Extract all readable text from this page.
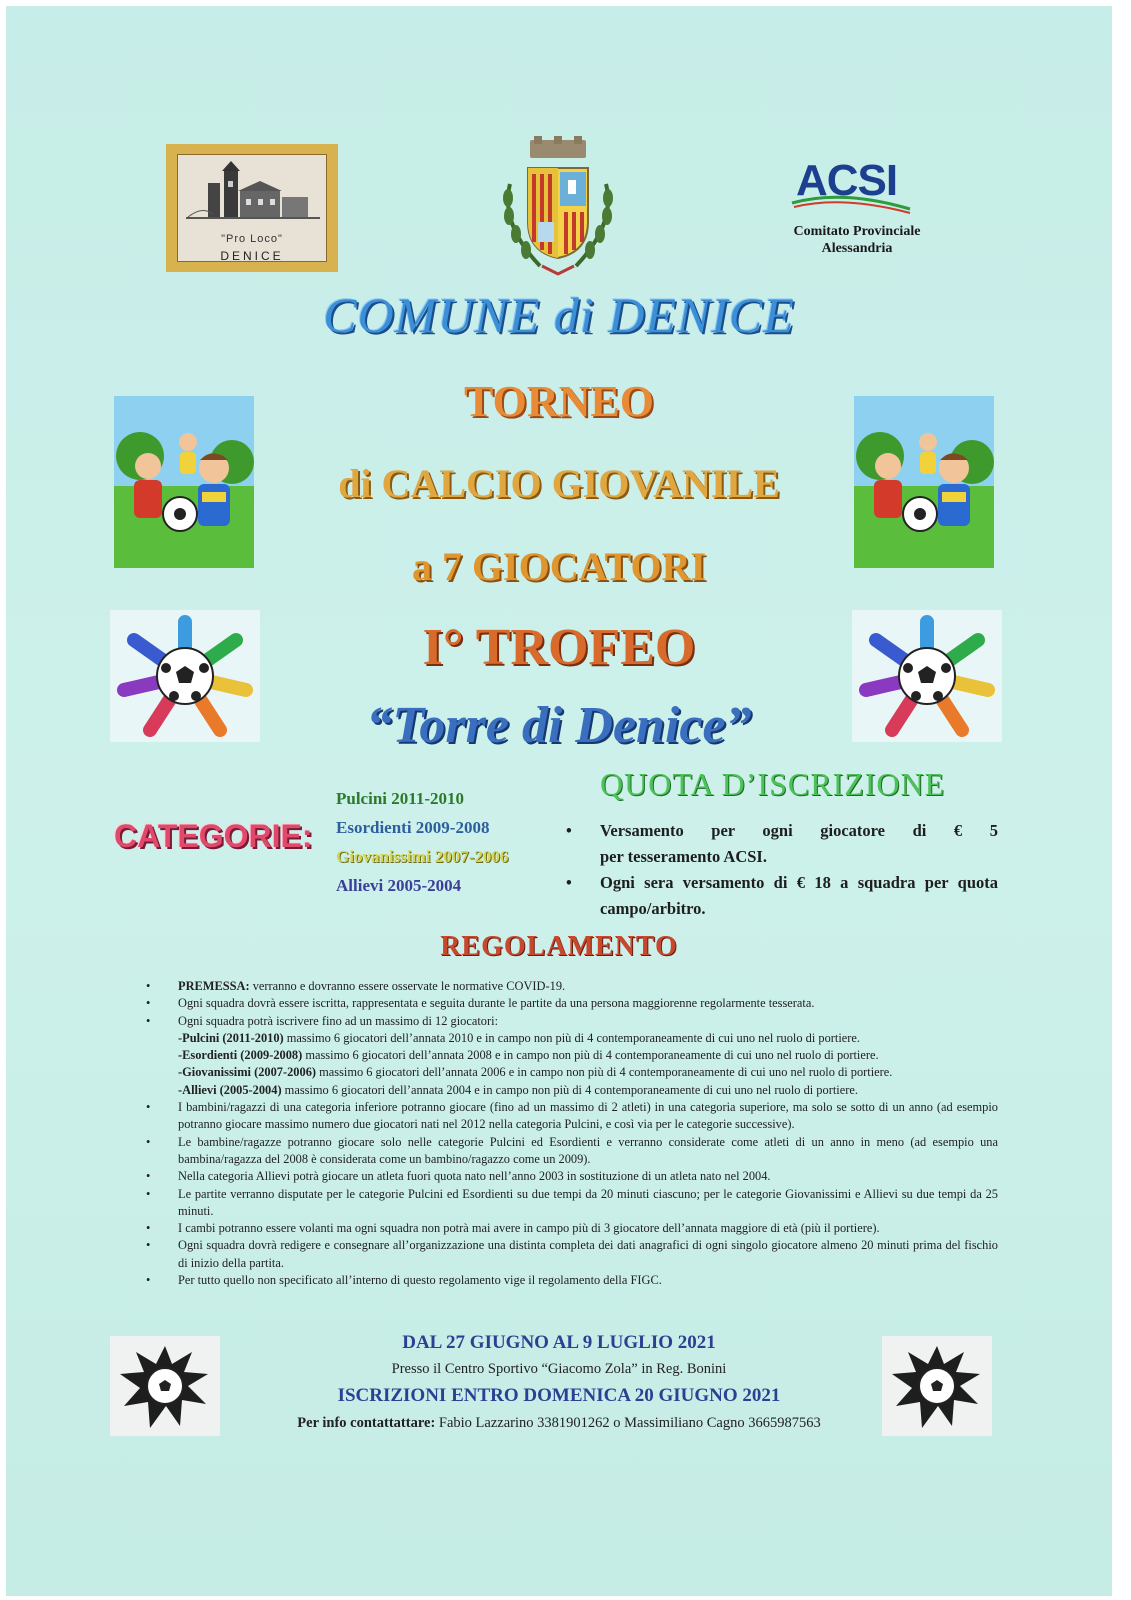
"Pro Loco"
DENICE
ACSI
Comitato Provinciale
Alessandria
COMUNE di DENICE
TORNEO
di CALCIO GIOVANILE
a 7 GIOCATORI
I° TROFEO
“Torre di Denice”
CATEGORIE:
Pulcini 2011-2010
Esordienti 2009-2008
Giovanissimi 2007-2006
Allievi 2005-2004
QUOTA D’ISCRIZIONE
• Versamento per ogni giocatore di € 5
per tesseramento ACSI.
• Ogni sera versamento di € 18 a squadra per quota
campo/arbitro.
REGOLAMENTO
• PREMESSA: verranno e dovranno essere osservate le normative COVID-19.
• Ogni squadra dovrà essere iscritta, rappresentata e seguita durante le partite da una persona maggiorenne regolarmente tesserata.
• Ogni squadra potrà iscrivere fino ad un massimo di 12 giocatori:
-Pulcini (2011-2010) massimo 6 giocatori dell’annata 2010 e in campo non più di 4 contemporaneamente di cui uno nel ruolo di portiere.
-Esordienti (2009-2008) massimo 6 giocatori dell’annata 2008 e in campo non più di 4 contemporaneamente di cui uno nel ruolo di portiere.
-Giovanissimi (2007-2006) massimo 6 giocatori dell’annata 2006 e in campo non più di 4 contemporaneamente di cui uno nel ruolo di portiere.
-Allievi (2005-2004) massimo 6 giocatori dell’annata 2004 e in campo non più di 4 contemporaneamente di cui uno nel ruolo di portiere.
• I bambini/ragazzi di una categoria inferiore potranno giocare (fino ad un massimo di 2 atleti) in una categoria superiore, ma solo se sotto di un anno (ad esempio potranno giocare massimo numero due giocatori nati nel 2012 nella categoria Pulcini, e così via per le categorie successive).
• Le bambine/ragazze potranno giocare solo nelle categorie Pulcini ed Esordienti e verranno considerate come atleti di un anno in meno (ad esempio una bambina/ragazza del 2008 è considerata come un bambino/ragazzo come un 2009).
• Nella categoria Allievi potrà giocare un atleta fuori quota nato nell’anno 2003 in sostituzione di un atleta nato nel 2004.
• Le partite verranno disputate per le categorie Pulcini ed Esordienti su due tempi da 20 minuti ciascuno; per le categorie Giovanissimi e Allievi su due tempi da 25 minuti.
• I cambi potranno essere volanti ma ogni squadra non potrà mai avere in campo più di 3 giocatore dell’annata maggiore di età (più il portiere).
• Ogni squadra dovrà redigere e consegnare all’organizzazione una distinta completa dei dati anagrafici di ogni singolo giocatore almeno 20 minuti prima del fischio di inizio della partita.
• Per tutto quello non specificato all’interno di questo regolamento vige il regolamento della FIGC.
DAL 27 GIUGNO AL 9 LUGLIO 2021
Presso il Centro Sportivo “Giacomo Zola” in Reg. Bonini
ISCRIZIONI ENTRO DOMENICA 20 GIUGNO 2021
Per info contattattare: Fabio Lazzarino 3381901262 o Massimiliano Cagno 3665987563
